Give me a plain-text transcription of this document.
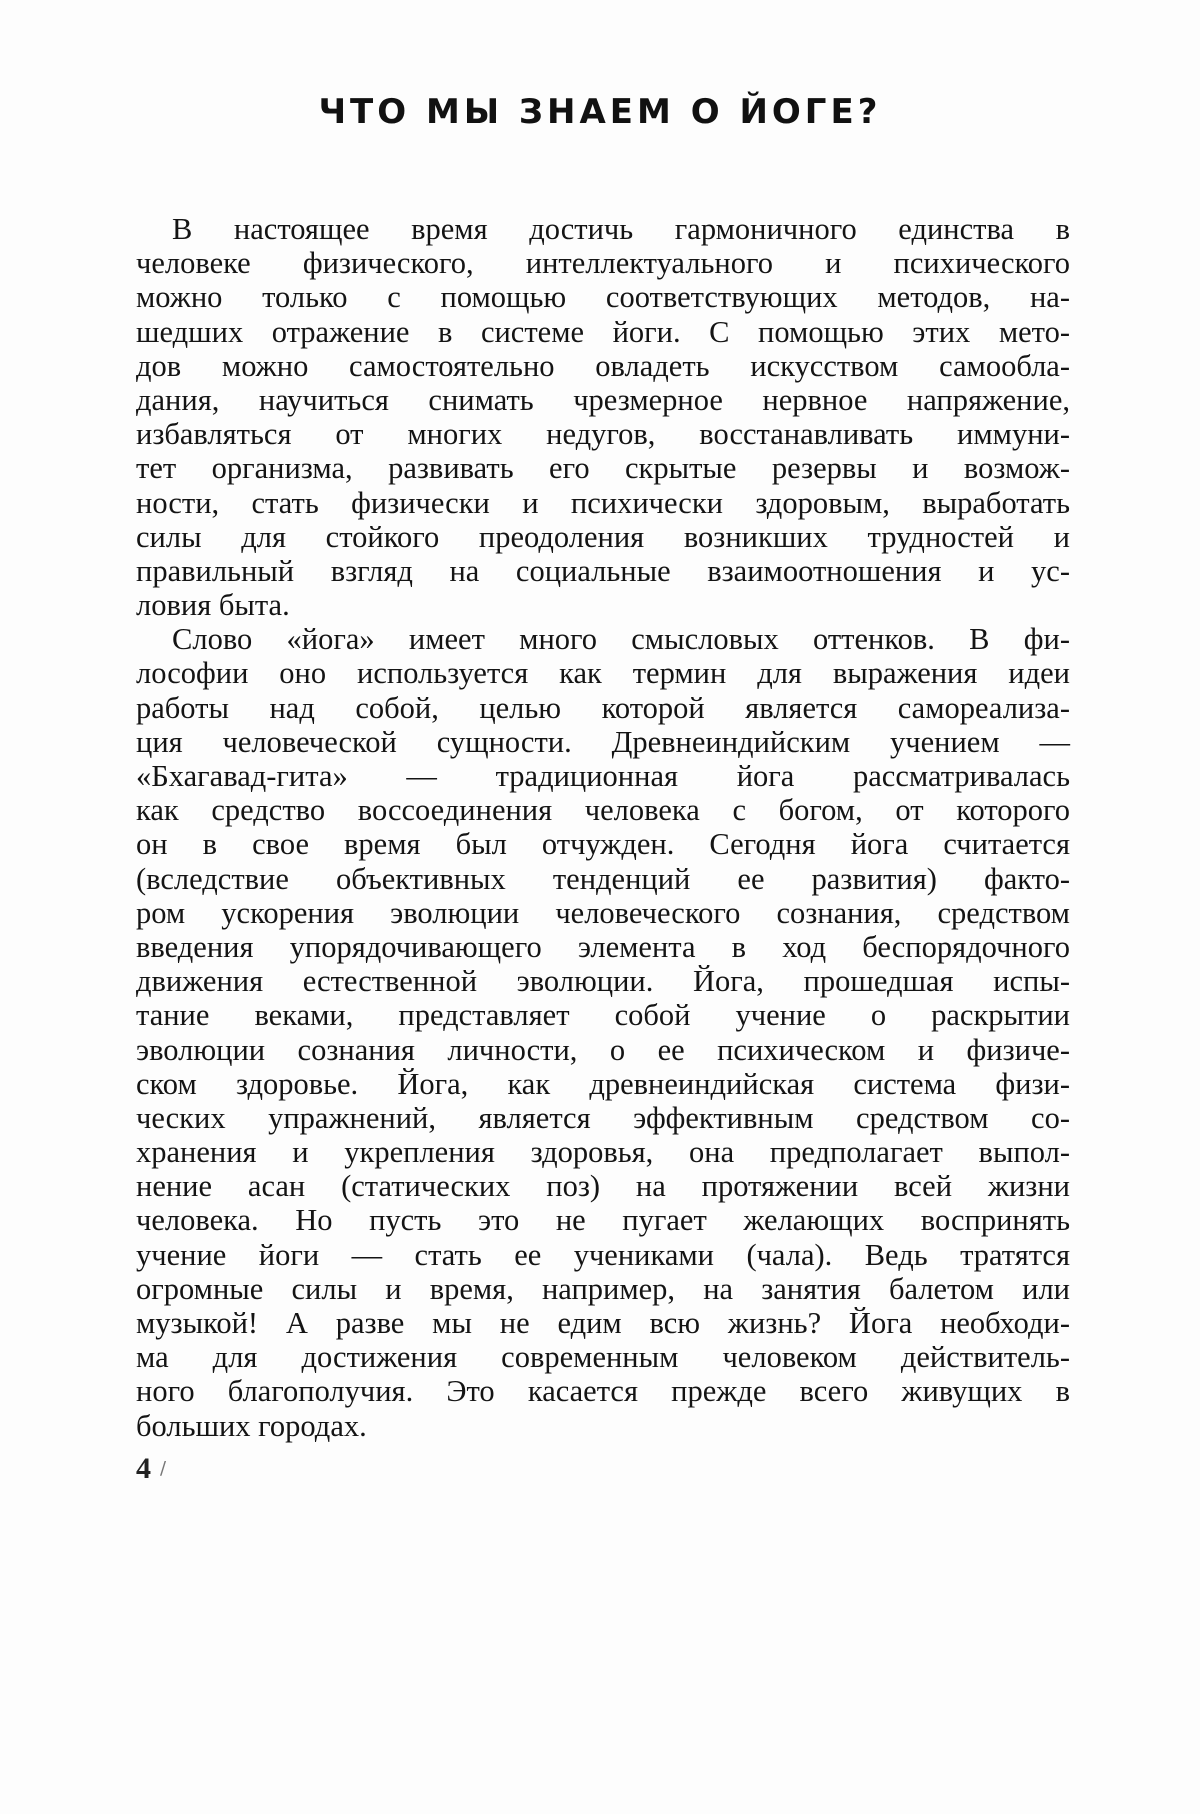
ЧТО МЫ ЗНАЕМ О ЙОГЕ?
В настоящее время достичь гармоничного единства в
человеке физического, интеллектуального и психического
можно только с помощью соответствующих методов, на-
шедших отражение в системе йоги. С помощью этих мето-
дов можно самостоятельно овладеть искусством самообла-
дания, научиться снимать чрезмерное нервное напряжение,
избавляться от многих недугов, восстанавливать иммуни-
тет организма, развивать его скрытые резервы и возмож-
ности, стать физически и психически здоровым, выработать
силы для стойкого преодоления возникших трудностей и
правильный взгляд на социальные взаимоотношения и ус-
ловия быта.
Слово «йога» имеет много смысловых оттенков. В фи-
лософии оно используется как термин для выражения идеи
работы над собой, целью которой является самореализа-
ция человеческой сущности. Древнеиндийским учением —
«Бхагавад-гита» — традиционная йога рассматривалась
как средство воссоединения человека с богом, от которого
он в свое время был отчужден. Сегодня йога считается
(вследствие объективных тенденций ее развития) факто-
ром ускорения эволюции человеческого сознания, средством
введения упорядочивающего элемента в ход беспорядочного
движения естественной эволюции. Йога, прошедшая испы-
тание веками, представляет собой учение о раскрытии
эволюции сознания личности, о ее психическом и физиче-
ском здоровье. Йога, как древнеиндийская система физи-
ческих упражнений, является эффективным средством со-
хранения и укрепления здоровья, она предполагает выпол-
нение асан (статических поз) на протяжении всей жизни
человека. Но пусть это не пугает желающих воспринять
учение йоги — стать ее учениками (чала). Ведь тратятся
огромные силы и время, например, на занятия балетом или
музыкой! А разве мы не едим всю жизнь? Йога необходи-
ма для достижения современным человеком действитель-
ного благополучия. Это касается прежде всего живущих в
больших городах.

4 /
